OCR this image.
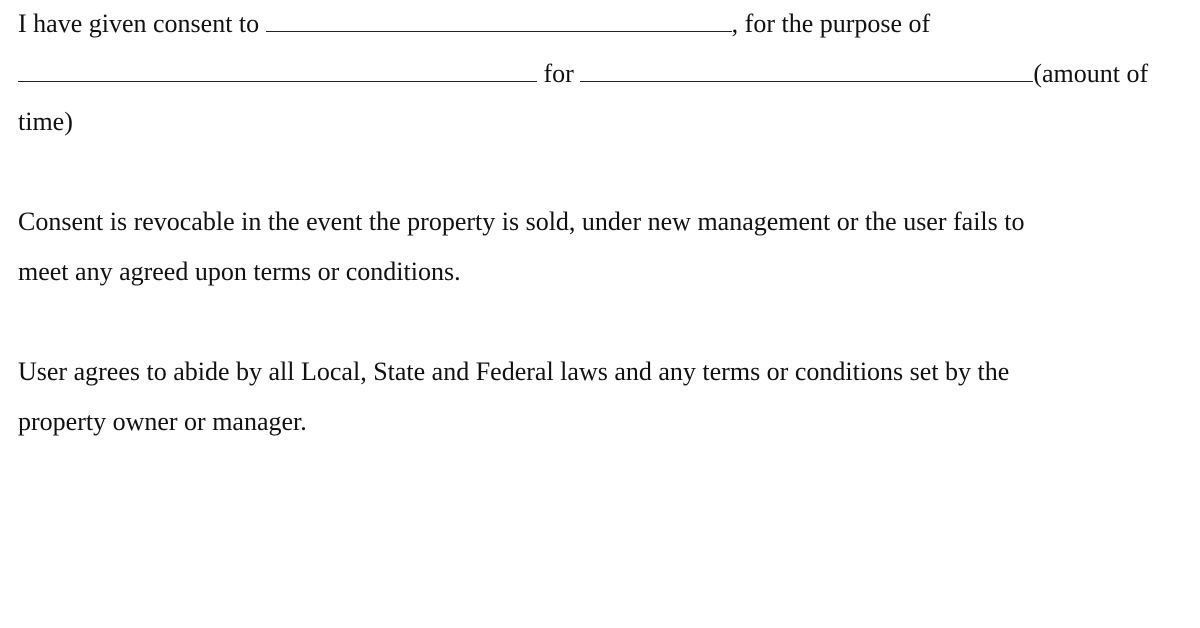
I have given consent to	, for the purpose of
for	(amount of
time)
Consent is revocable in the event the property is sold, under new management or the user fails to
meet any agreed upon terms or conditions.
User agrees to abide by all Local, State and Federal laws and any terms or conditions set by the
property owner or manager.
